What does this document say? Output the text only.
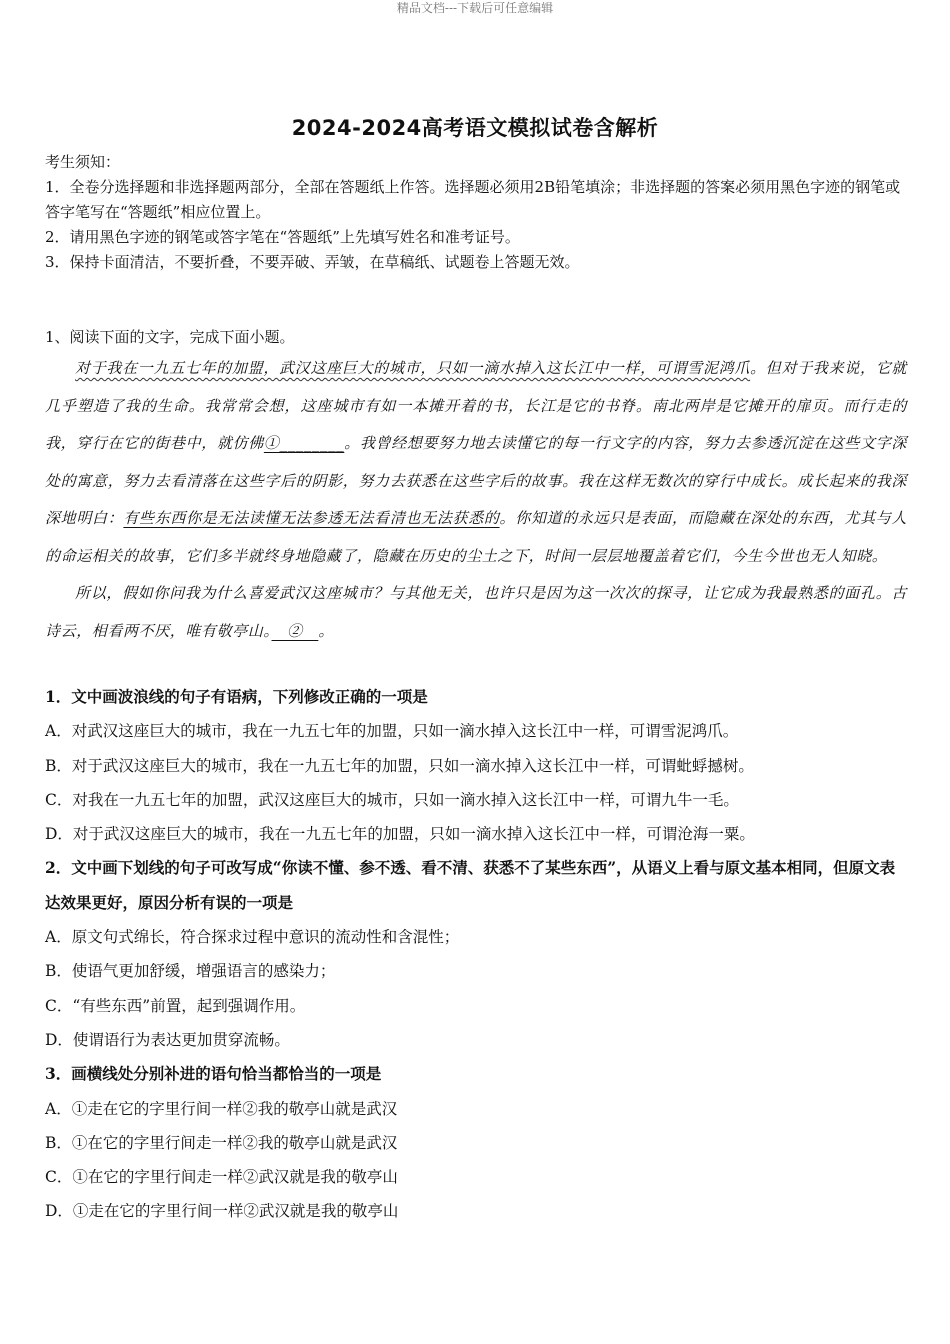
精品文档---下载后可任意编辑
2024-2024高考语文模拟试卷含解析

考生须知：

1．全卷分选择题和非选择题两部分，全部在答题纸上作答。选择题必须用2B铅笔填涂；非选择题的答案必须用黑色字迹的钢笔或答字笔写在“答题纸”相应位置上。

2．请用黑色字迹的钢笔或答字笔在“答题纸”上先填写姓名和准考证号。

3．保持卡面清洁，不要折叠，不要弄破、弄皱，在草稿纸、试题卷上答题无效。

1、阅读下面的文字，完成下面小题。

对于我在一九五七年的加盟，武汉这座巨大的城市，只如一滴水掉入这长江中一样，可谓雪泥鸿爪。但对于我来说，它就几乎塑造了我的生命。我常常会想，这座城市有如一本摊开着的书，长江是它的书脊。南北两岸是它摊开的扉页。而行走的我，穿行在它的街巷中，就仿佛①________。我曾经想要努力地去读懂它的每一行文字的内容，努力去参透沉淀在这些文字深处的寓意，努力去看清落在这些字后的阴影，努力去获悉在这些字后的故事。我在这样无数次的穿行中成长。成长起来的我深深地明白：有些东西你是无法读懂无法参透无法看清也无法获悉的。你知道的永远只是表面，而隐藏在深处的东西，尤其与人的命运相关的故事，它们多半就终身地隐藏了，隐藏在历史的尘土之下，时间一层层地覆盖着它们，今生今世也无人知晓。

所以，假如你问我为什么喜爱武汉这座城市？与其他无关，也许只是因为这一次次的探寻，让它成为我最熟悉的面孔。古诗云，相看两不厌，唯有敬亭山。　②　。

1．文中画波浪线的句子有语病，下列修改正确的一项是

A．对武汉这座巨大的城市，我在一九五七年的加盟，只如一滴水掉入这长江中一样，可谓雪泥鸿爪。

B．对于武汉这座巨大的城市，我在一九五七年的加盟，只如一滴水掉入这长江中一样，可谓蚍蜉撼树。

C．对我在一九五七年的加盟，武汉这座巨大的城市，只如一滴水掉入这长江中一样，可谓九牛一毛。

D．对于武汉这座巨大的城市，我在一九五七年的加盟，只如一滴水掉入这长江中一样，可谓沧海一粟。

2．文中画下划线的句子可改写成“你读不懂、参不透、看不清、获悉不了某些东西”，从语义上看与原文基本相同，但原文表达效果更好，原因分析有误的一项是

A．原文句式绵长，符合探求过程中意识的流动性和含混性；

B．使语气更加舒缓，增强语言的感染力；

C．“有些东西”前置，起到强调作用。

D．使谓语行为表达更加贯穿流畅。

3．画横线处分别补进的语句恰当都恰当的一项是

A．①走在它的字里行间一样②我的敬亭山就是武汉

B．①在它的字里行间走一样②我的敬亭山就是武汉

C．①在它的字里行间走一样②武汉就是我的敬亭山

D．①走在它的字里行间一样②武汉就是我的敬亭山
